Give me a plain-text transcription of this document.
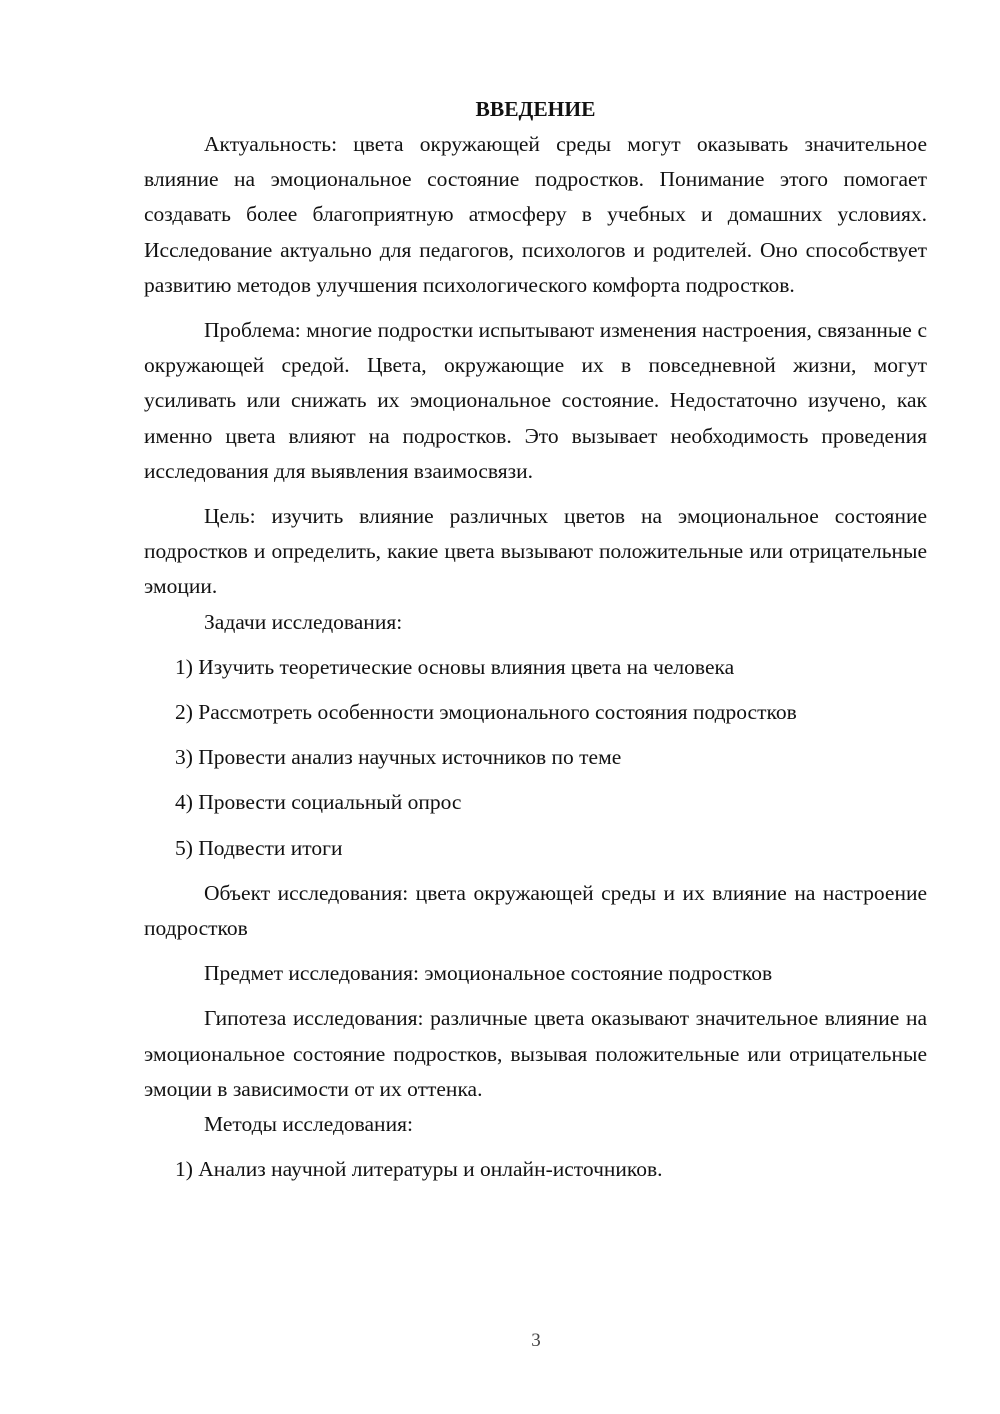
ВВЕДЕНИЕ

Актуальность: цвета окружающей среды могут оказывать значительное влияние на эмоциональное состояние подростков. Понимание этого помогает создавать более благоприятную атмосферу в учебных и домашних условиях. Исследование актуально для педагогов, психологов и родителей. Оно способствует развитию методов улучшения психологического комфорта подростков.

Проблема: многие подростки испытывают изменения настроения, связанные с окружающей средой. Цвета, окружающие их в повседневной жизни, могут усиливать или снижать их эмоциональное состояние. Недостаточно изучено, как именно цвета влияют на подростков. Это вызывает необходимость проведения исследования для выявления взаимосвязи.

Цель: изучить влияние различных цветов на эмоциональное состояние подростков и определить, какие цвета вызывают положительные или отрицательные эмоции.

Задачи исследования:

1) Изучить теоретические основы влияния цвета на человека

2) Рассмотреть особенности эмоционального состояния подростков

3) Провести анализ научных источников по теме

4) Провести социальный опрос

5) Подвести итоги

Объект исследования: цвета окружающей среды и их влияние на настроение подростков

Предмет исследования: эмоциональное состояние подростков

Гипотеза исследования: различные цвета оказывают значительное влияние на эмоциональное состояние подростков, вызывая положительные или отрицательные эмоции в зависимости от их оттенка.

Методы исследования:

1) Анализ научной литературы и онлайн-источников.

3
